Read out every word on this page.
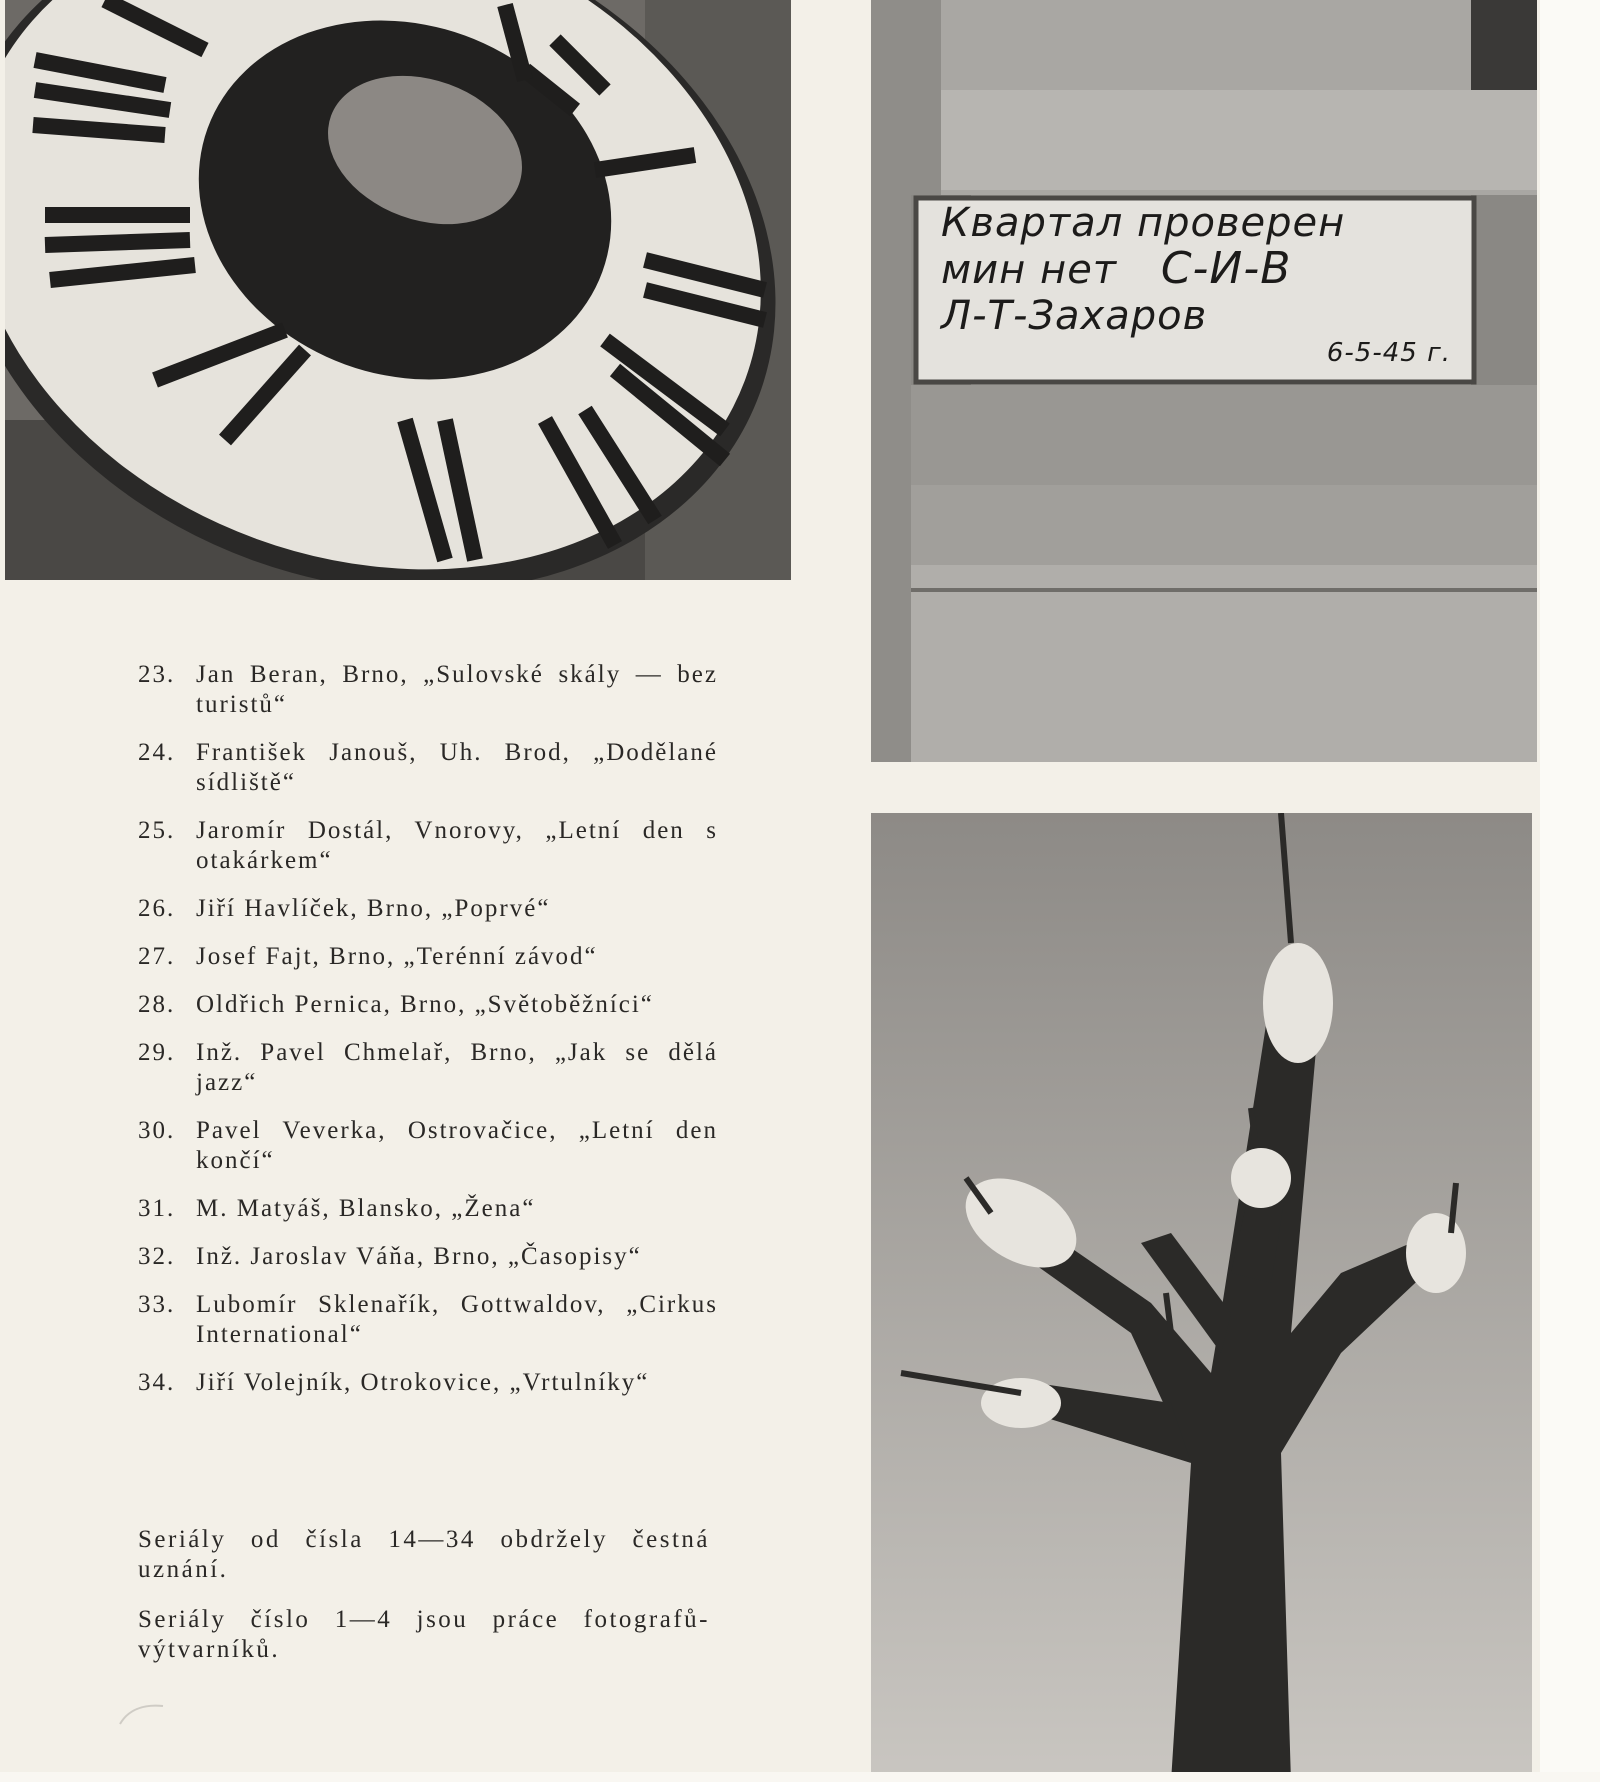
Квартал проверен
мин нет С-И-В
Л-Т-Захаров
6-5-45 г.
23. Jan Beran, Brno, „Sulovské skály — bez turistů“
24. František Janouš, Uh. Brod, „Dodělané sídliště“
25. Jaromír Dostál, Vnorovy, „Letní den s otakárkem“
26. Jiří Havlíček, Brno, „Poprvé“
27. Josef Fajt, Brno, „Terénní závod“
28. Oldřich Pernica, Brno, „Světoběžníci“
29. Inž. Pavel Chmelař, Brno, „Jak se dělá jazz“
30. Pavel Veverka, Ostrovačice, „Letní den končí“
31. M. Matyáš, Blansko, „Žena“
32. Inž. Jaroslav Váňa, Brno, „Časopisy“
33. Lubomír Sklenařík, Gottwaldov, „Cirkus International“
34. Jiří Volejník, Otrokovice, „Vrtulníky“

Seriály od čísla 14—34 obdržely čestná uznání.

Seriály číslo 1—4 jsou práce fotografů-výtvarníků.
